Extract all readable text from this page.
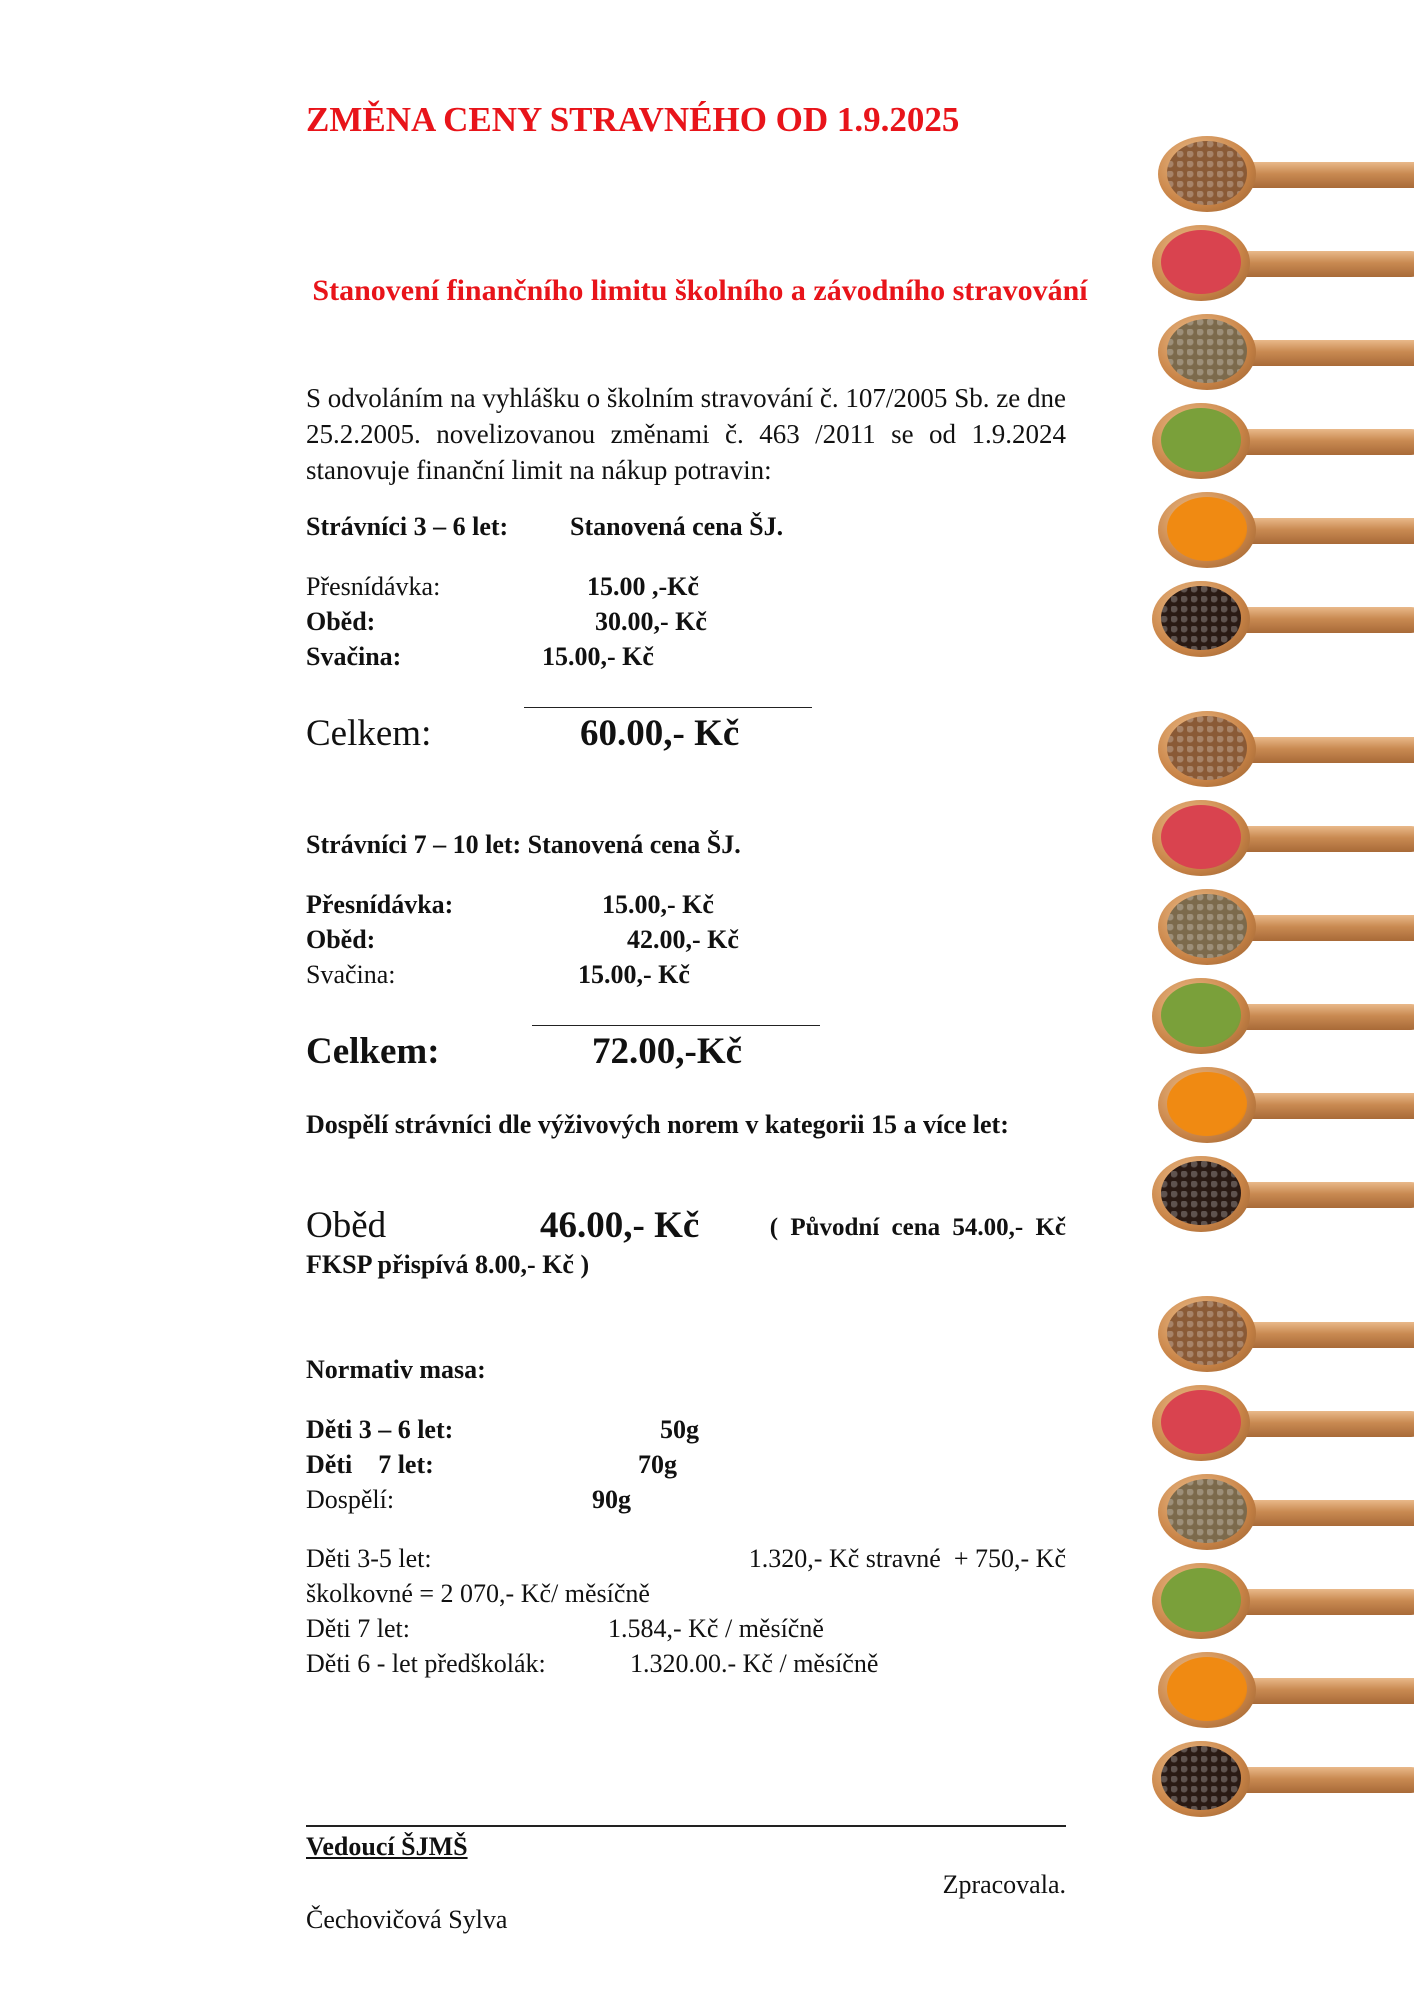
ZMĚNA CENY STRAVNÉHO OD 1.9.2025
Stanovení finančního limitu školního a závodního stravování
S odvoláním na vyhlášku o školním stravování č. 107/2005 Sb. ze dne 25.2.2005. novelizovanou změnami č. 463 /2011 se od 1.9.2024 stanovuje finanční limit na nákup potravin:
Strávníci 3 – 6 let: Stanovená cena ŠJ.
Přesnídávka:	15.00 ,-Kč
Oběd:	30.00,- Kč
Svačina:	15.00,- Kč
Celkem:	60.00,- Kč
Strávníci 7 – 10 let: Stanovená cena ŠJ.
Přesnídávka:	15.00,- Kč
Oběd:	42.00,- Kč
Svačina:	15.00,- Kč
Celkem:	72.00,-Kč
Dospělí strávníci dle výživových norem v kategorii 15 a více let:
Oběd	46.00,- Kč	( Původní cena 54.00,- Kč
FKSP přispívá 8.00,- Kč )
Normativ masa:
Děti 3 – 6 let:	50g
Děti    7 let:	70g
Dospělí:	90g
Děti 3-5 let:	1.320,- Kč stravné  + 750,- Kč
školkovné = 2 070,- Kč/ měsíčně
Děti 7 let:	1.584,- Kč / měsíčně
Děti 6 - let předškolák:	1.320.00.- Kč / měsíčně
Vedoucí ŠJMŠ
Zpracovala.
Čechovičová Sylva
